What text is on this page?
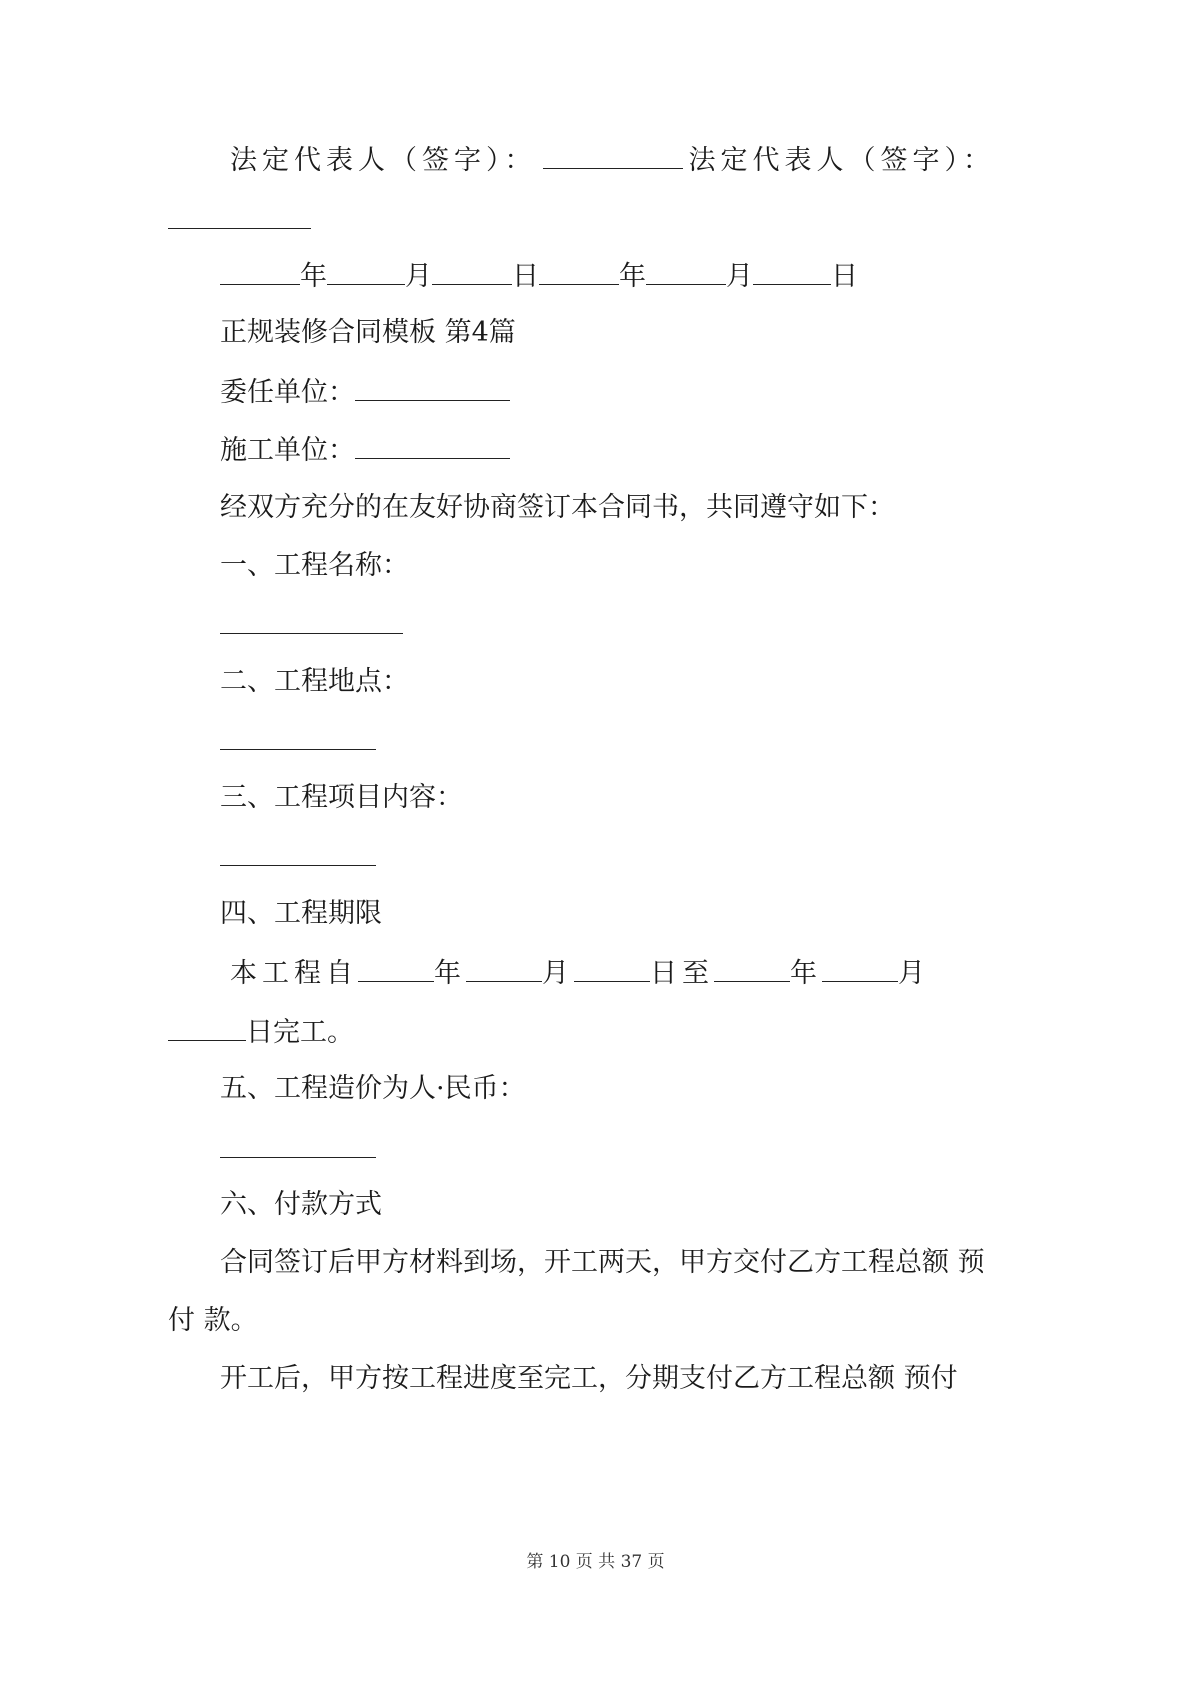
法定代表人（签字）：	法定代表人（签字）：
年	月	日	年	月	日
正规装修合同模板 第4篇
委任单位：
施工单位：
经双方充分的在友好协商签订本合同书，共同遵守如下：
一、工程名称：
二、工程地点：
三、工程项目内容：
四、工程期限
本工程自	年	月	日至	年	月
日完工。
五、工程造价为人·民币：
六、付款方式
合同签订后甲方材料到场，开工两天，甲方交付乙方工程总额 预
付 款。
开工后，甲方按工程进度至完工，分期支付乙方工程总额 预付
第 10 页 共 37 页
